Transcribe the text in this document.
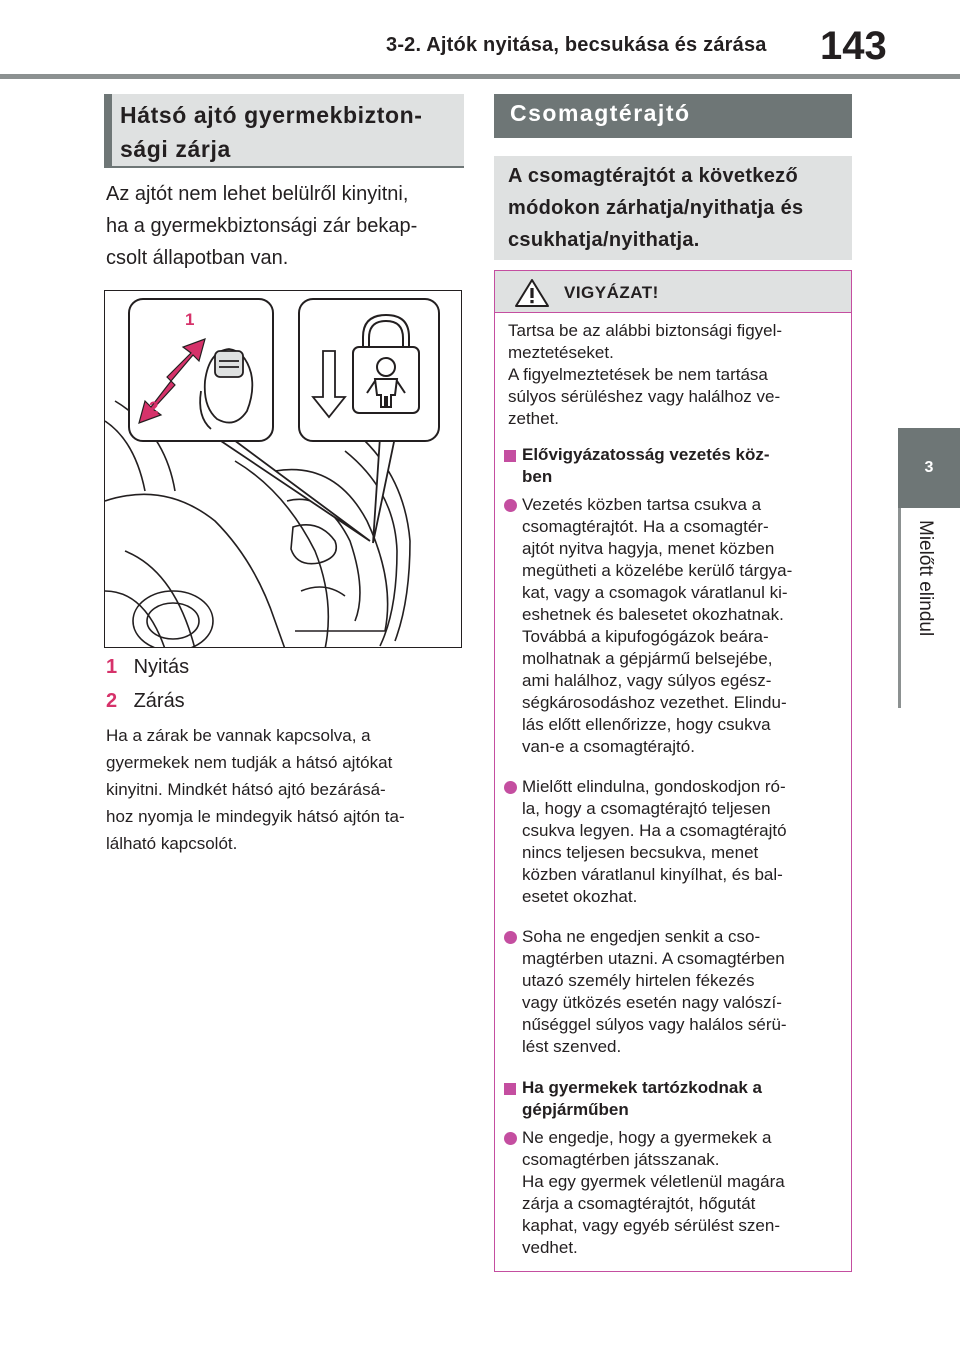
3-2. Ajtók nyitása, becsukása és zárása 143
3
Mielőtt elindul
Hátsó ajtó gyermekbizton-
sági zárja
Az ajtót nem lehet belülről kinyitni,
ha a gyermekbiztonsági zár bekap-
csolt állapotban van.
1
2
1 Nyitás
2 Zárás
Ha a zárak be vannak kapcsolva, a
gyermekek nem tudják a hátsó ajtókat
kinyitni. Mindkét hátsó ajtó bezárásá-
hoz nyomja le mindegyik hátsó ajtón ta-
lálható kapcsolót.
Csomagtérajtó
A csomagtérajtót a következő
módokon zárhatja/nyithatja és
csukhatja/nyithatja.
VIGYÁZAT!
Tartsa be az alábbi biztonsági figyel-
meztetéseket.
A figyelmeztetések be nem tartása
súlyos sérüléshez vagy halálhoz ve-
zethet.
Elővigyázatosság vezetés köz-
ben
Vezetés közben tartsa csukva a
csomagtérajtót. Ha a csomagtér-
ajtót nyitva hagyja, menet közben
megütheti a közelébe kerülő tárgya-
kat, vagy a csomagok váratlanul ki-
eshetnek és balesetet okozhatnak.
Továbbá a kipufogógázok beára-
molhatnak a gépjármű belsejébe,
ami halálhoz, vagy súlyos egész-
ségkárosodáshoz vezethet. Elindu-
lás előtt ellenőrizze, hogy csukva
van-e a csomagtérajtó.
Mielőtt elindulna, gondoskodjon ró-
la, hogy a csomagtérajtó teljesen
csukva legyen. Ha a csomagtérajtó
nincs teljesen becsukva, menet
közben váratlanul kinyílhat, és bal-
esetet okozhat.
Soha ne engedjen senkit a cso-
magtérben utazni. A csomagtérben
utazó személy hirtelen fékezés
vagy ütközés esetén nagy valószí-
nűséggel súlyos vagy halálos sérü-
lést szenved.
Ha gyermekek tartózkodnak a
gépjárműben
Ne engedje, hogy a gyermekek a
csomagtérben játsszanak.
Ha egy gyermek véletlenül magára
zárja a csomagtérajtót, hőgutát
kaphat, vagy egyéb sérülést szen-
vedhet.
